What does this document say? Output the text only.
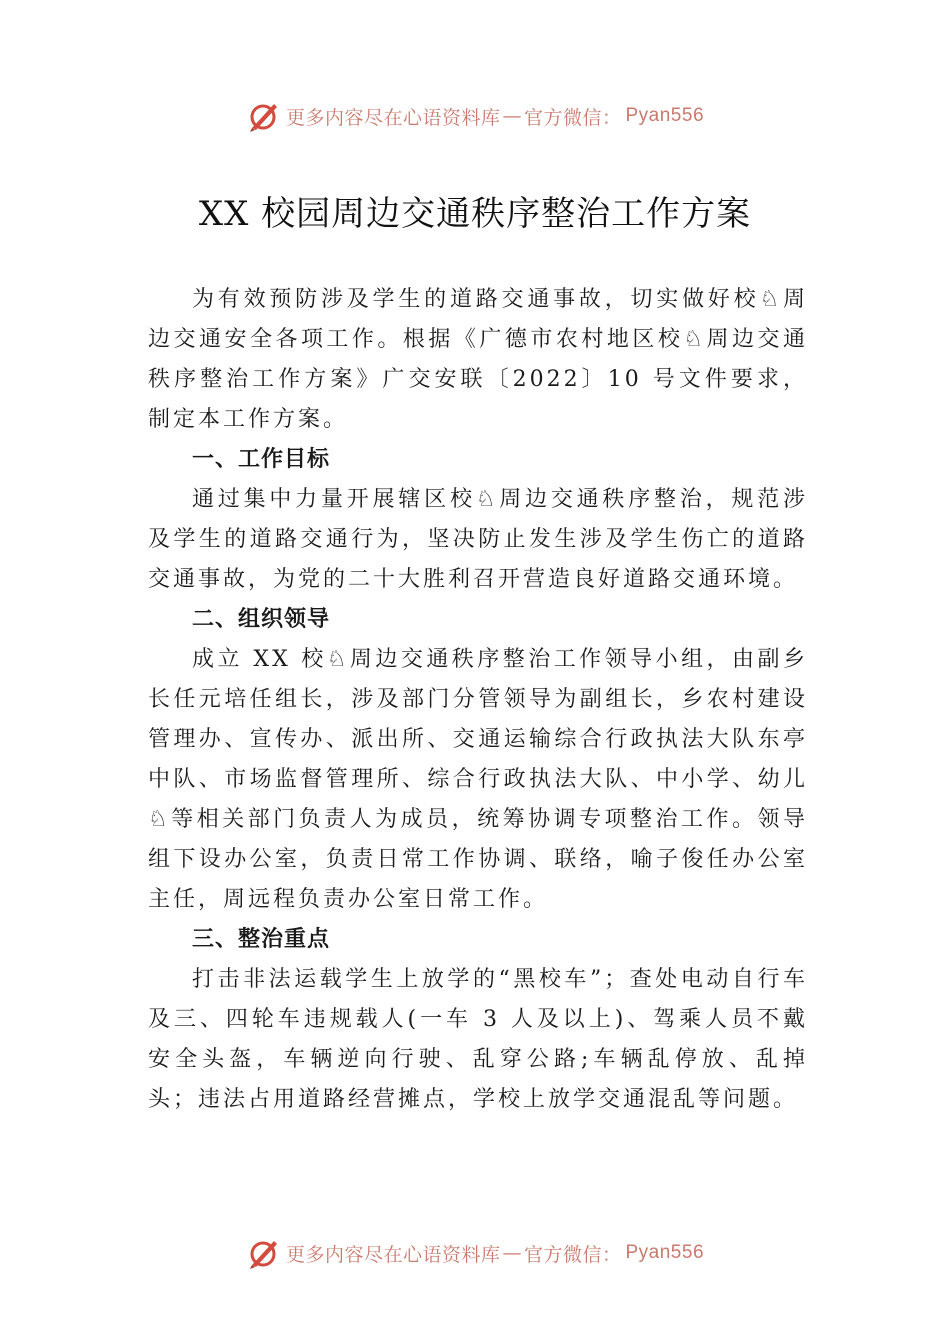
更多内容尽在心语资料库 — 官方微信： Pyan556
XX 校园周边交通秩序整治工作方案

为有效预防涉及学生的道路交通事故，切实做好校♘周边交通安全各项工作。根据《广德市农村地区校♘周边交通秩序整治工作方案》广交安联〔2022〕10 号文件要求，制定本工作方案。

一、工作目标

通过集中力量开展辖区校♘周边交通秩序整治，规范涉及学生的道路交通行为，坚决防止发生涉及学生伤亡的道路交通事故，为党的二十大胜利召开营造良好道路交通环境。

二、组织领导

成立 XX 校♘周边交通秩序整治工作领导小组，由副乡长任元培任组长，涉及部门分管领导为副组长，乡农村建设管理办、宣传办、派出所、交通运输综合行政执法大队东亭中队、市场监督管理所、综合行政执法大队、中小学、幼儿♘等相关部门负责人为成员，统筹协调专项整治工作。领导组下设办公室，负责日常工作协调、联络，喻子俊任办公室主任，周远程负责办公室日常工作。

三、整治重点

打击非法运载学生上放学的“黑校车”；查处电动自行车及三、四轮车违规载人(一车 3 人及以上)、驾乘人员不戴安全头盔，车辆逆向行驶、乱穿公路;车辆乱停放、乱掉头；违法占用道路经营摊点，学校上放学交通混乱等问题。

更多内容尽在心语资料库 — 官方微信： Pyan556
